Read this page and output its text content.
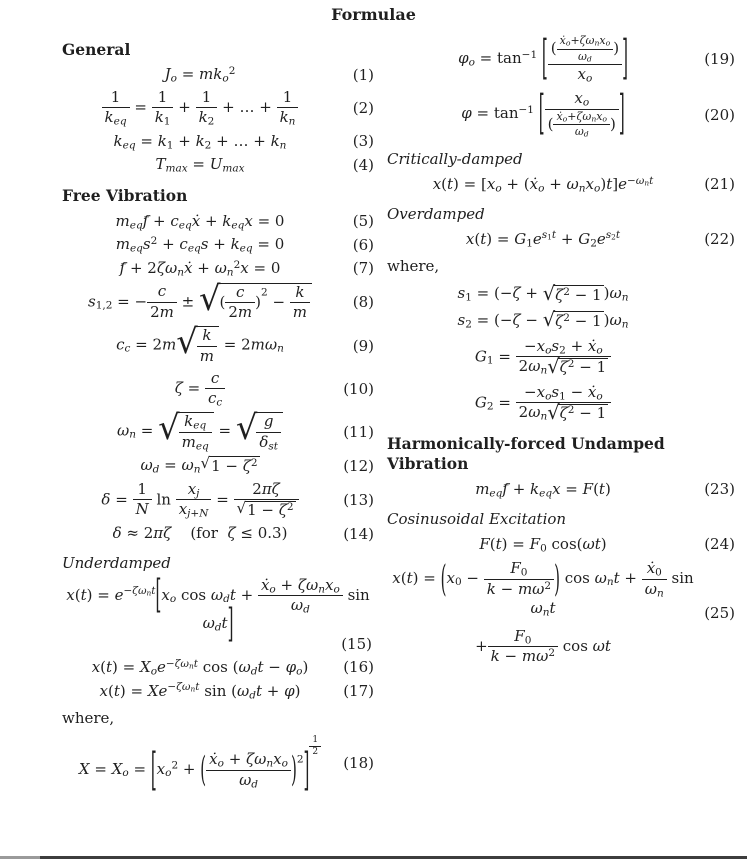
Formulae
General
$J_o = mk_o^2$	(1)
1
$k_{eq}$
= $\frac{1}{k_1} + \frac{1}{k_2}$ + … + $\frac{1}{k_n}$	(2)
$k_{eq} = k_1 + k_2$ + … + $k_n$	(3)
$T_{max} = U_{max}$	(4)
Free Vibration
$m_{eq}ẝ$ + $c_{eq}ẋ + k_{eq}x = 0$	(5)
$m_{eq}s^2 + c_{eq}s + k_{eq} = 0$	(6)
ẝ + $2\zeta\omega_nẋ + \omega_n^2x = 0$	(7)
$s_{1,2}$ = − $\frac{c}{2m}$ ± √ ( $\frac{c}{2m} )^2 - \frac{k}{m}$	(8)
$c_c = 2m$ √ $\frac{k}{m} = 2m\omega_n$	(9)
$\zeta = \frac{c}{c_c}$	(10)
$\omega_n$ =
√ $k_{eq}$
$m_{eq}$
=
√ g
$\delta_{st}$
(11)
$\omega_d = \omega_n$ √ $1 - \zeta^2$	(12)
$\delta = \frac{1}{N}$ $\ln \frac{x_j}{x_{j+N}} = 2\pi\zeta$
√ $1 - \zeta^2$	(13)
δ ≈ 2πζ    (for  ζ ≤ 0.3)	(14)
Underdamped
$x(t) = e^{-\zeta\omega_nt}[x_o$ $\cos \omega_dt$ +
ẋ$_o$ + $\zeta\omega_nx_o$
$\omega_d$
$\sin \omega_dt$]	(15)
$x(t) = X_oe^{-\zeta\omega_nt}$ $\cos (\omega_dt - \varphi_o)$	(16)
$x(t) = Xe^{-\zeta\omega_nt}$ $\sin (\omega_dt + \varphi)$	(17)
where,
$X = X_o = [x_o^2$ + ( ẋ$_o$ + $\zeta\omega_nx_o$
$\omega_d$	)$^2] \frac{1}{2}$
(18)
$\varphi_o = \tan^{-1}$ [ ( $ẋ_o+\zeta\omega_nx_o$
$\omega_d$
)
$x_o$	]	(19)
$\varphi = \tan^{-1}$ [	$x_o$
( $ẋ_o+\zeta\omega_nx_o$
$\omega_d$
) ]	(20)
Critically-damped
$x(t) = [x_o$ + (ẋ$_o$ + $\omega_nx_o)t]e^{-\omega_nt}$	(21)
Overdamped
$x(t) = G_1e^{s_1t} + G_2e^{s_2t}$	(22)
where,
$s_1 = (-\zeta$ + √ $\zeta^2 - 1$ )$\omega_n$
$s_2 = (-\zeta$ − √ $\zeta^2 - 1$ )$\omega_n$
$G_1$ =
$-x_os_2$ + ẋ$_o$
$2\omega_n$ √ $\zeta^2 - 1$
$G_2$ =
$-x_os_1$ − ẋ$_o$
$2\omega_n$ √ $\zeta^2 - 1$
Harmonically-forced Undamped Vibration
$m_{eq}ẝ + k_{eq}x = F(t)$	(23)
Cosinusoidal Excitation
$F(t) = F_0$ cos(ωt)	(24)
$x(t) = (x_0 - \frac{F_0}{k - m\omega^2}$ ) $\cos \omega_nt + \frac{ẋ_0}{\omega_n}$ $\sin \omega_nt$
+ $\frac{F_0}{k - m\omega^2}$ cos ωt
(25)
